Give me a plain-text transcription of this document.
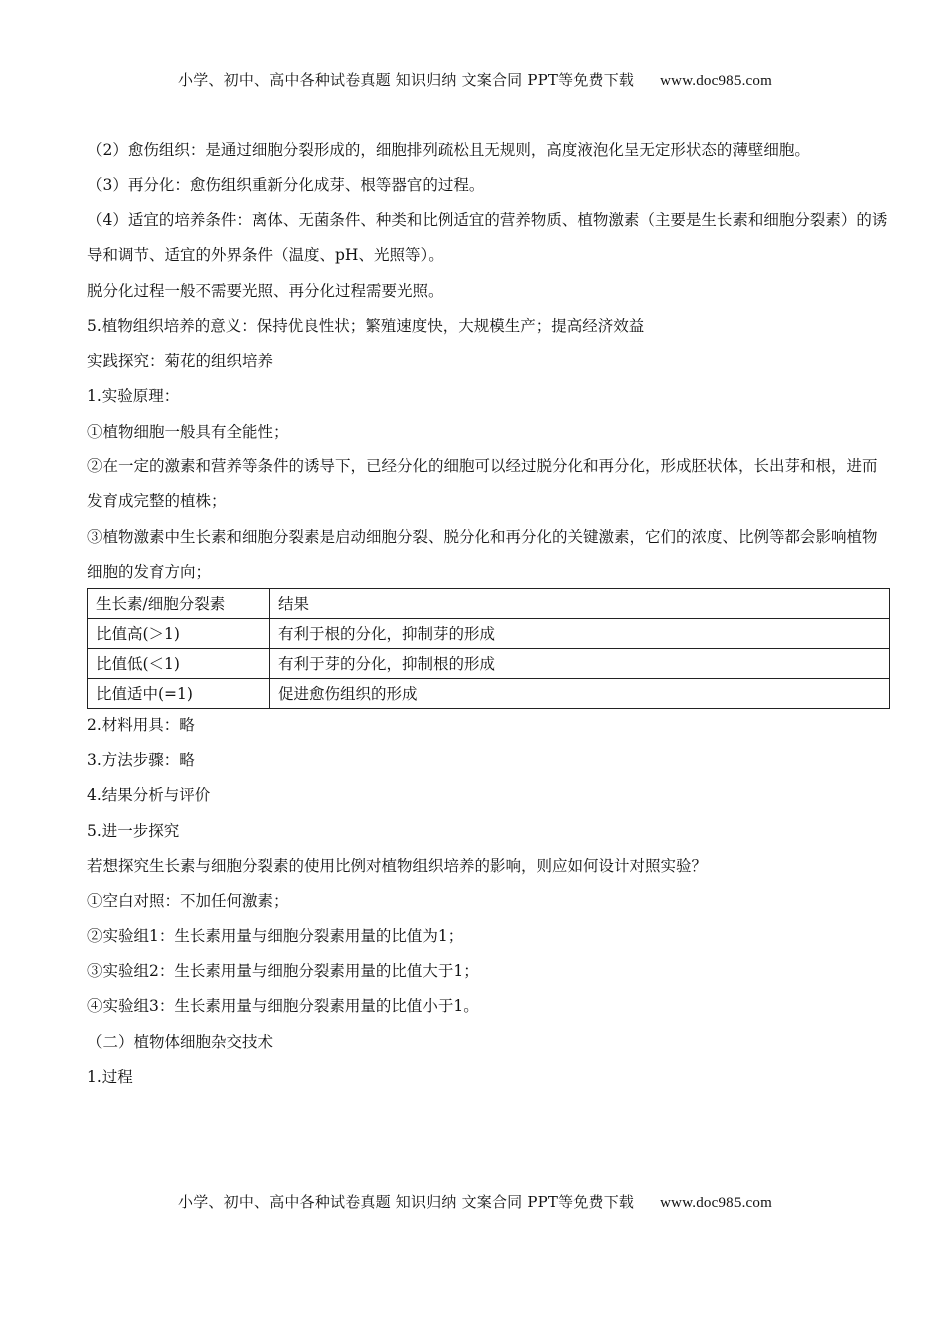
小学、初中、高中各种试卷真题 知识归纳 文案合同 PPT等免费下载 www.doc985.com

（2）愈伤组织：是通过细胞分裂形成的，细胞排列疏松且无规则，高度液泡化呈无定形状态的薄壁细胞。

（3）再分化：愈伤组织重新分化成芽、根等器官的过程。

（4）适宜的培养条件：离体、无菌条件、种类和比例适宜的营养物质、植物激素（主要是生长素和细胞分裂素）的诱导和调节、适宜的外界条件（温度、pH、光照等）。

脱分化过程一般不需要光照、再分化过程需要光照。

5.植物组织培养的意义：保持优良性状；繁殖速度快，大规模生产；提高经济效益

实践探究：菊花的组织培养

1.实验原理：

①植物细胞一般具有全能性；

②在一定的激素和营养等条件的诱导下，已经分化的细胞可以经过脱分化和再分化，形成胚状体，长出芽和根，进而发育成完整的植株；

③植物激素中生长素和细胞分裂素是启动细胞分裂、脱分化和再分化的关键激素，它们的浓度、比例等都会影响植物细胞的发育方向；

生长素/细胞分裂素	结果
比值高(＞1)	有利于根的分化，抑制芽的形成
比值低(＜1)	有利于芽的分化，抑制根的形成
比值适中(=1)	促进愈伤组织的形成

2.材料用具：略

3.方法步骤：略

4.结果分析与评价

5.进一步探究

若想探究生长素与细胞分裂素的使用比例对植物组织培养的影响，则应如何设计对照实验？

①空白对照：不加任何激素；

②实验组1：生长素用量与细胞分裂素用量的比值为1；

③实验组2：生长素用量与细胞分裂素用量的比值大于1；

④实验组3：生长素用量与细胞分裂素用量的比值小于1。

（二）植物体细胞杂交技术

1.过程

小学、初中、高中各种试卷真题 知识归纳 文案合同 PPT等免费下载 www.doc985.com
